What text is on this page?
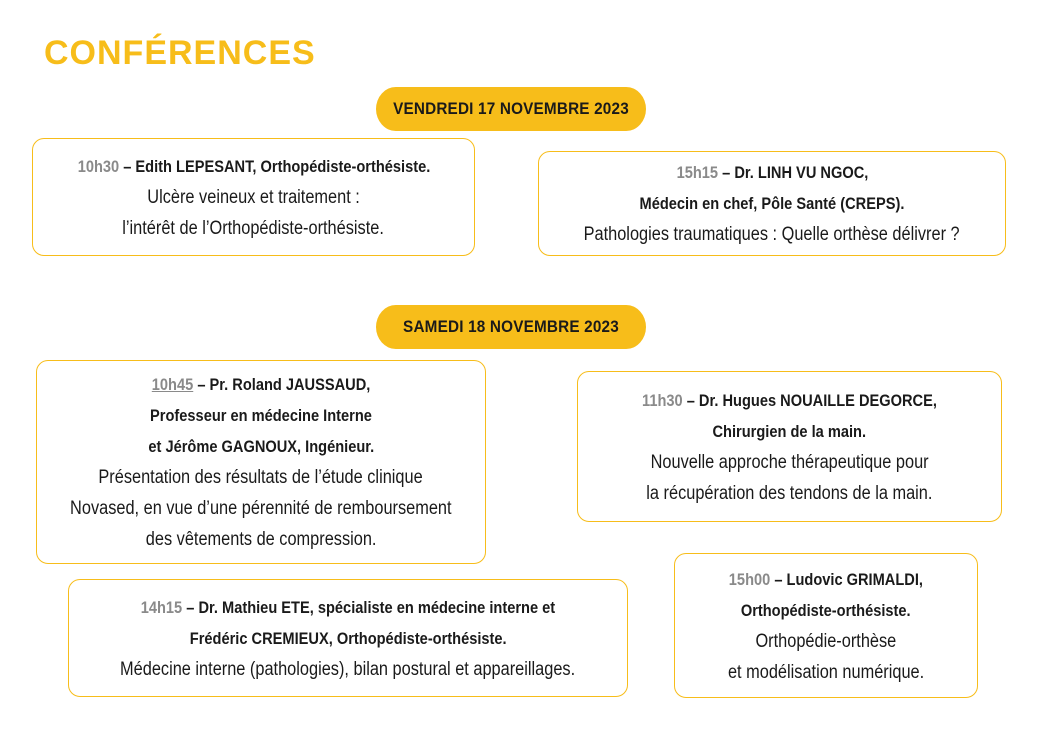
CONFÉRENCES
VENDREDI 17 NOVEMBRE 2023
10h30 – Edith LEPESANT, Orthopédiste-orthésiste.
Ulcère veineux et traitement :
l’intérêt de l’Orthopédiste-orthésiste.
15h15 – Dr. LINH VU NGOC,
Médecin en chef, Pôle Santé (CREPS).
Pathologies traumatiques : Quelle orthèse délivrer ?
SAMEDI 18 NOVEMBRE 2023
10h45 – Pr. Roland JAUSSAUD,
Professeur en médecine Interne
et Jérôme GAGNOUX, Ingénieur.
Présentation des résultats de l’étude clinique
Novased, en vue d’une pérennité de remboursement
des vêtements de compression.
11h30 – Dr. Hugues NOUAILLE DEGORCE,
Chirurgien de la main.
Nouvelle approche thérapeutique pour
la récupération des tendons de la main.
14h15 – Dr. Mathieu ETE, spécialiste en médecine interne et
Frédéric CREMIEUX, Orthopédiste-orthésiste.
Médecine interne (pathologies), bilan postural et appareillages.
15h00 – Ludovic GRIMALDI,
Orthopédiste-orthésiste.
Orthopédie-orthèse
et modélisation numérique.
